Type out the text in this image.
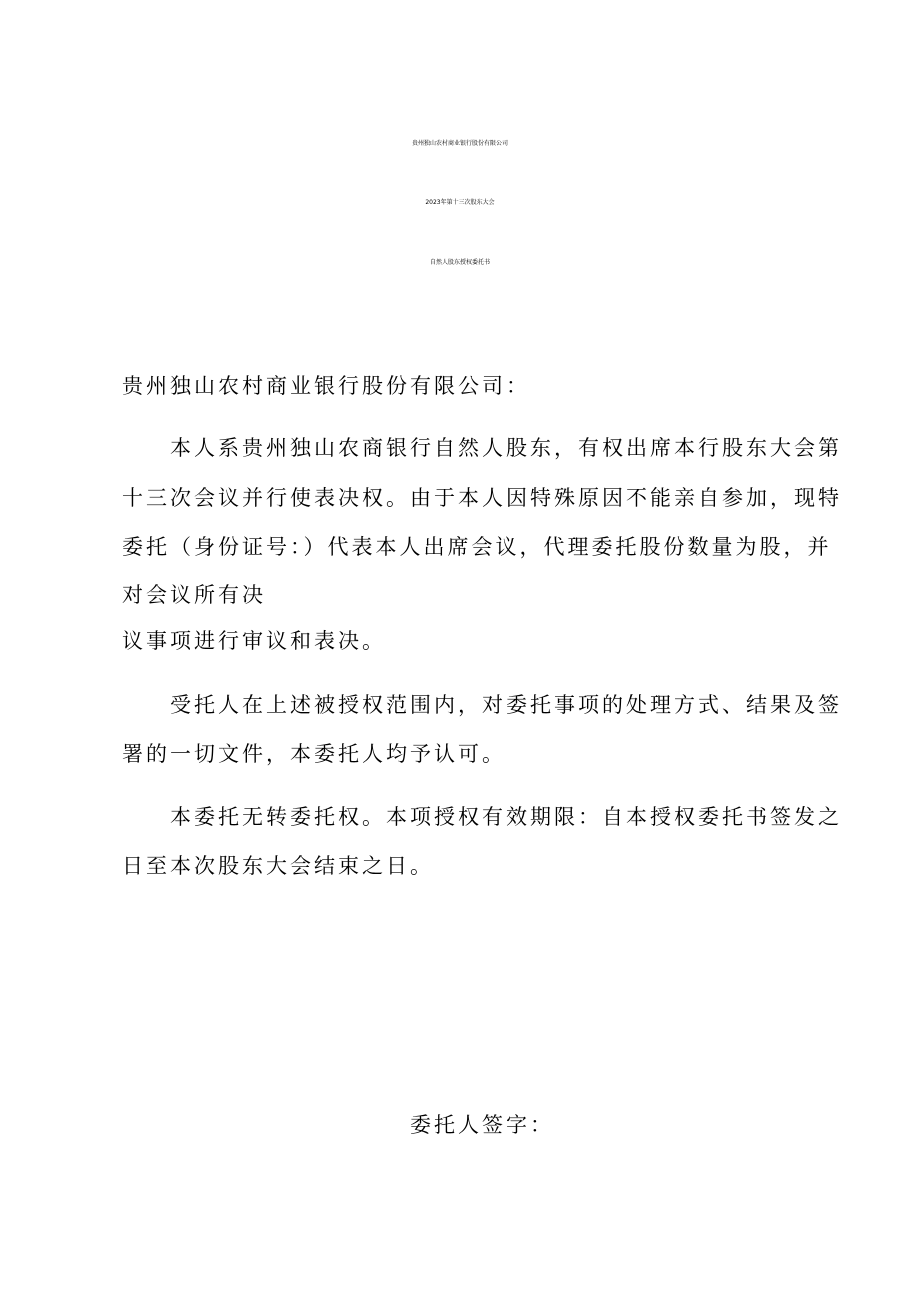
贵州独山农村商业银行股份有限公司
2023年第十三次股东大会
自然人股东授权委托书
贵州独山农村商业银行股份有限公司：
本人系贵州独山农商银行自然人股东，有权出席本行股东大会第
十三次会议并行使表决权。由于本人因特殊原因不能亲自参加，现特
委托（身份证号：）代表本人出席会议，代理委托股份数量为股，并
对会议所有决
议事项进行审议和表决。
受托人在上述被授权范围内，对委托事项的处理方式、结果及签
署的一切文件，本委托人均予认可。
本委托无转委托权。本项授权有效期限：自本授权委托书签发之
日至本次股东大会结束之日。
委托人签字：
